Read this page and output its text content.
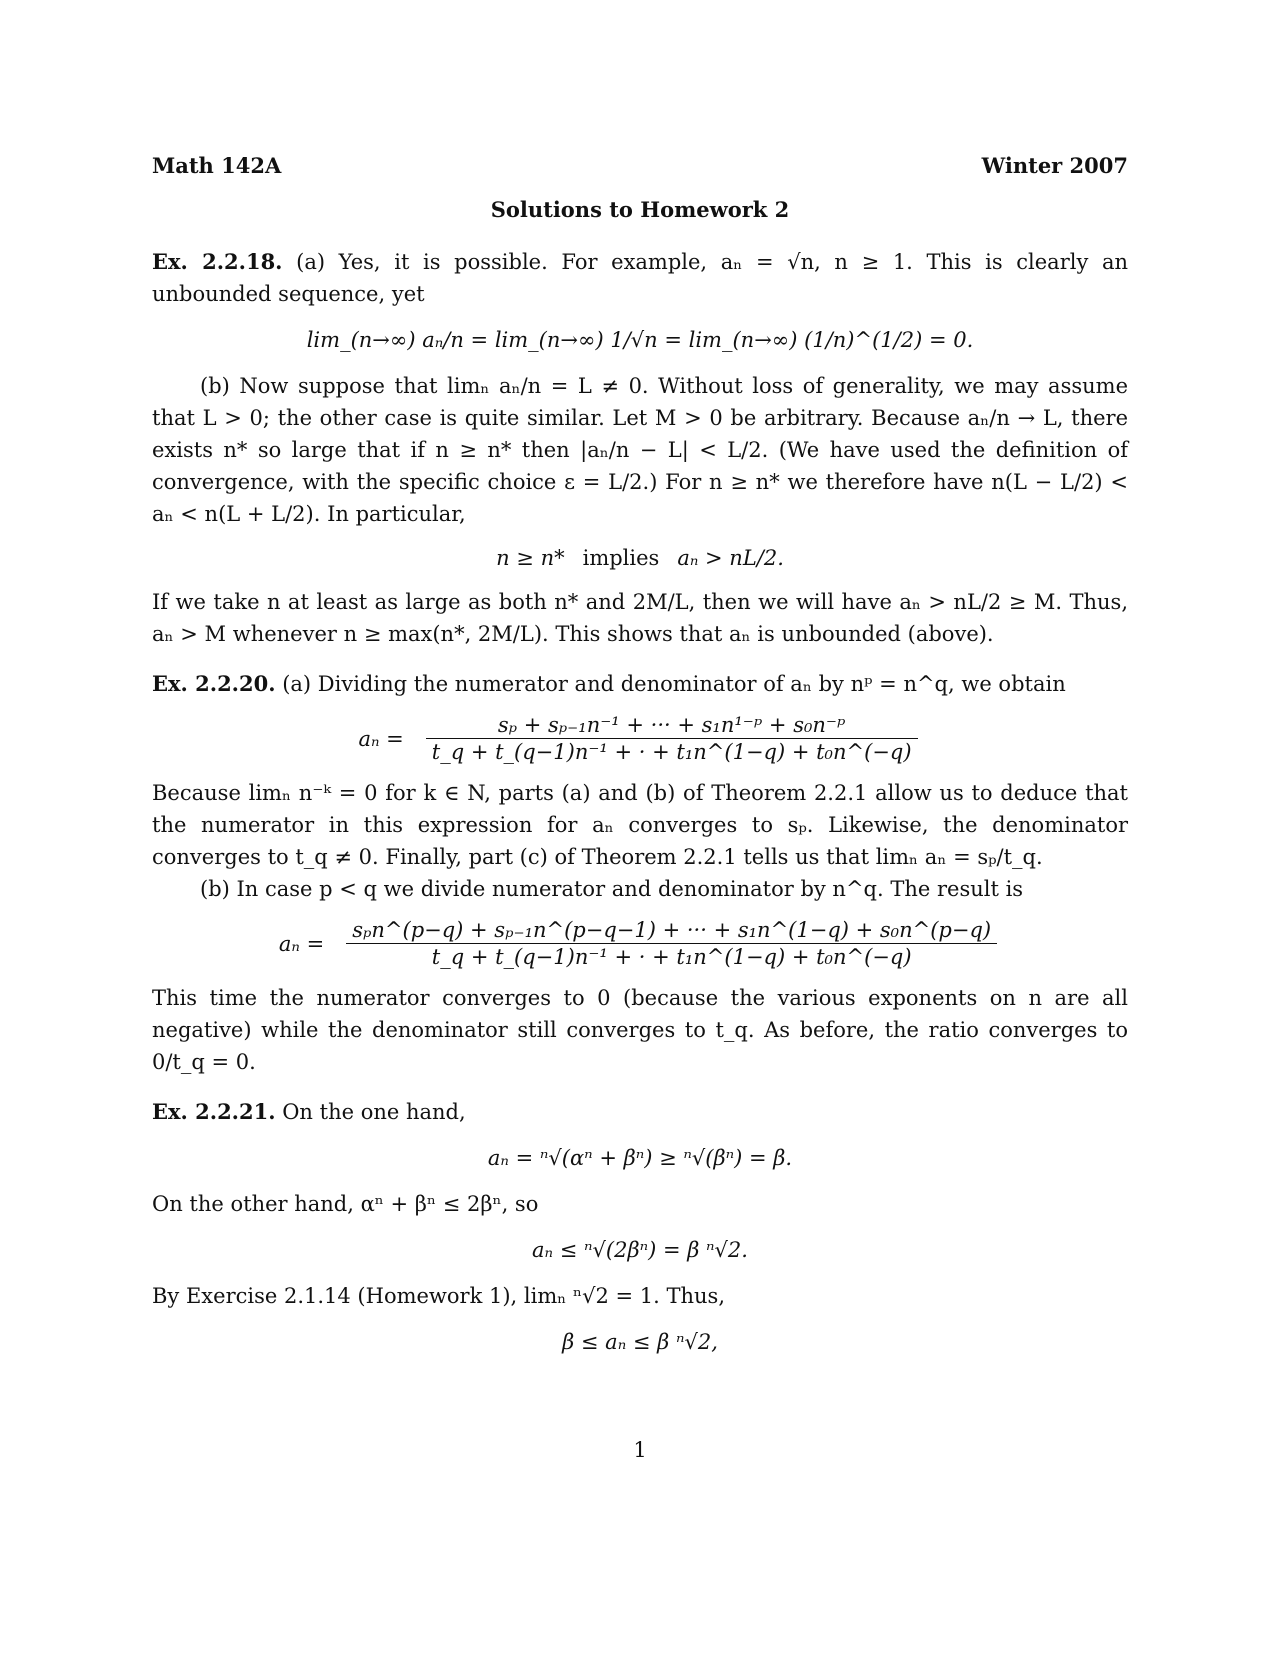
Math 142A	Winter 2007
Solutions to Homework 2

Ex. 2.2.18. (a) Yes, it is possible. For example, aₙ = √n, n ≥ 1. This is clearly an unbounded sequence, yet

lim_(n→∞) aₙ/n = lim_(n→∞) 1/√n = lim_(n→∞) (1/n)^(1/2) = 0.

(b) Now suppose that limₙ aₙ/n = L ≠ 0. Without loss of generality, we may assume that L > 0; the other case is quite similar. Let M > 0 be arbitrary. Because aₙ/n → L, there exists n* so large that if n ≥ n* then |aₙ/n − L| < L/2. (We have used the definition of convergence, with the specific choice ε = L/2.) For n ≥ n* we therefore have n(L − L/2) < aₙ < n(L + L/2). In particular,

n ≥ n* implies aₙ > nL/2.

If we take n at least as large as both n* and 2M/L, then we will have aₙ > nL/2 ≥ M. Thus, aₙ > M whenever n ≥ max(n*, 2M/L). This shows that aₙ is unbounded (above).

Ex. 2.2.20. (a) Dividing the numerator and denominator of aₙ by nᵖ = n^q, we obtain

$a_n = \frac{\text{sₚ + sₚ₋₁n⁻¹ + ··· + s₁n¹⁻ᵖ + s₀n⁻ᵖ}}{\text{t\_q + t\_(q−1)n⁻¹ + · + t₁n\textasciicircum{}(1−q) + t₀n\textasciicircum{}(−q)}}$

Because limₙ n⁻ᵏ = 0 for k ∈ N, parts (a) and (b) of Theorem 2.2.1 allow us to deduce that the numerator in this expression for aₙ converges to sₚ. Likewise, the denominator converges to t_q ≠ 0. Finally, part (c) of Theorem 2.2.1 tells us that limₙ aₙ = sₚ/t_q.

(b) In case p < q we divide numerator and denominator by n^q. The result is

$a_n = \frac{\text{sₚn\textasciicircum{}(p−q) + sₚ₋₁n\textasciicircum{}(p−q−1) + ··· + s₁n\textasciicircum{}(1−q) + s₀n\textasciicircum{}(p−q)}}{\text{t\_q + t\_(q−1)n⁻¹ + · + t₁n\textasciicircum{}(1−q) + t₀n\textasciicircum{}(−q)}}$

This time the numerator converges to 0 (because the various exponents on n are all negative) while the denominator still converges to t_q. As before, the ratio converges to 0/t_q = 0.

Ex. 2.2.21. On the one hand,

aₙ = ⁿ√(αⁿ + βⁿ) ≥ ⁿ√(βⁿ) = β.

On the other hand, αⁿ + βⁿ ≤ 2βⁿ, so

aₙ ≤ ⁿ√(2βⁿ) = β ⁿ√2.

By Exercise 2.1.14 (Homework 1), limₙ ⁿ√2 = 1. Thus,

β ≤ aₙ ≤ β ⁿ√2,
1
